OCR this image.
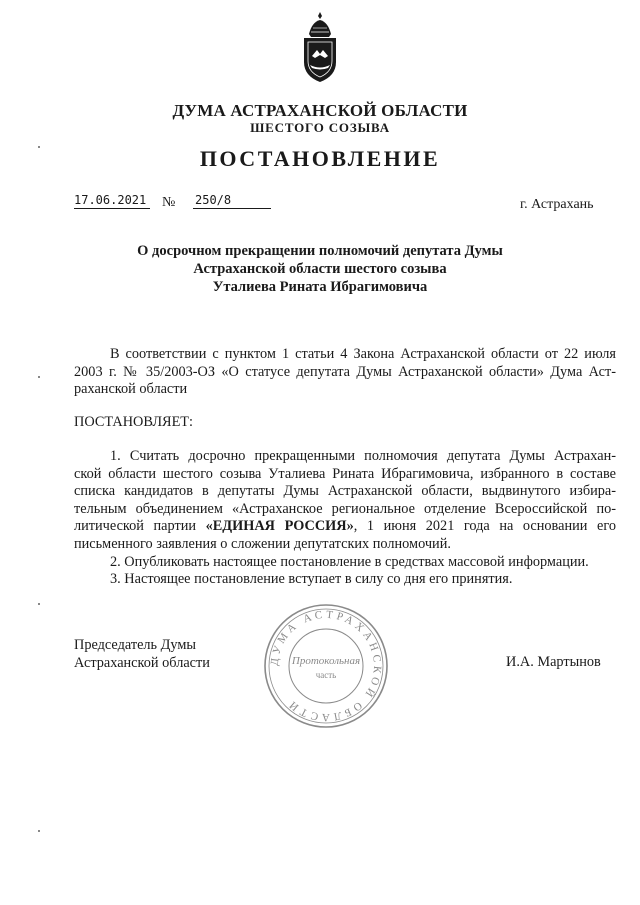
ДУМА АСТРАХАНСКОЙ ОБЛАСТИ
ШЕСТОГО СОЗЫВА
ПОСТАНОВЛЕНИЕ
17.06.2021 № 250/8	г. Астрахань
О досрочном прекращении полномочий депутата Думы
Астраханской области шестого созыва
Уталиева Рината Ибрагимовича
В соответствии с пунктом 1 статьи 4 Закона Астраханской области от 22 июля
2003 г. № 35/2003-ОЗ «О статусе депутата Думы Астраханской области» Дума Аст-
раханской области
ПОСТАНОВЛЯЕТ:
1. Считать досрочно прекращенными полномочия депутата Думы Астрахан-
ской области шестого созыва Уталиева Рината Ибрагимовича, избранного в составе
списка кандидатов в депутаты Думы Астраханской области, выдвинутого избира-
тельным объединением «Астраханское региональное отделение Всероссийской по-
литической партии «ЕДИНАЯ РОССИЯ», 1 июня 2021 года на основании его
письменного заявления о сложении депутатских полномочий.
2. Опубликовать настоящее постановление в средствах массовой информации.
3. Настоящее постановление вступает в силу со дня его принятия.
Председатель Думы
Астраханской области	И.А. Мартынов
ДУМА АСТРАХАНСКОЙ ОБЛАСТИ
Протокольная
часть
